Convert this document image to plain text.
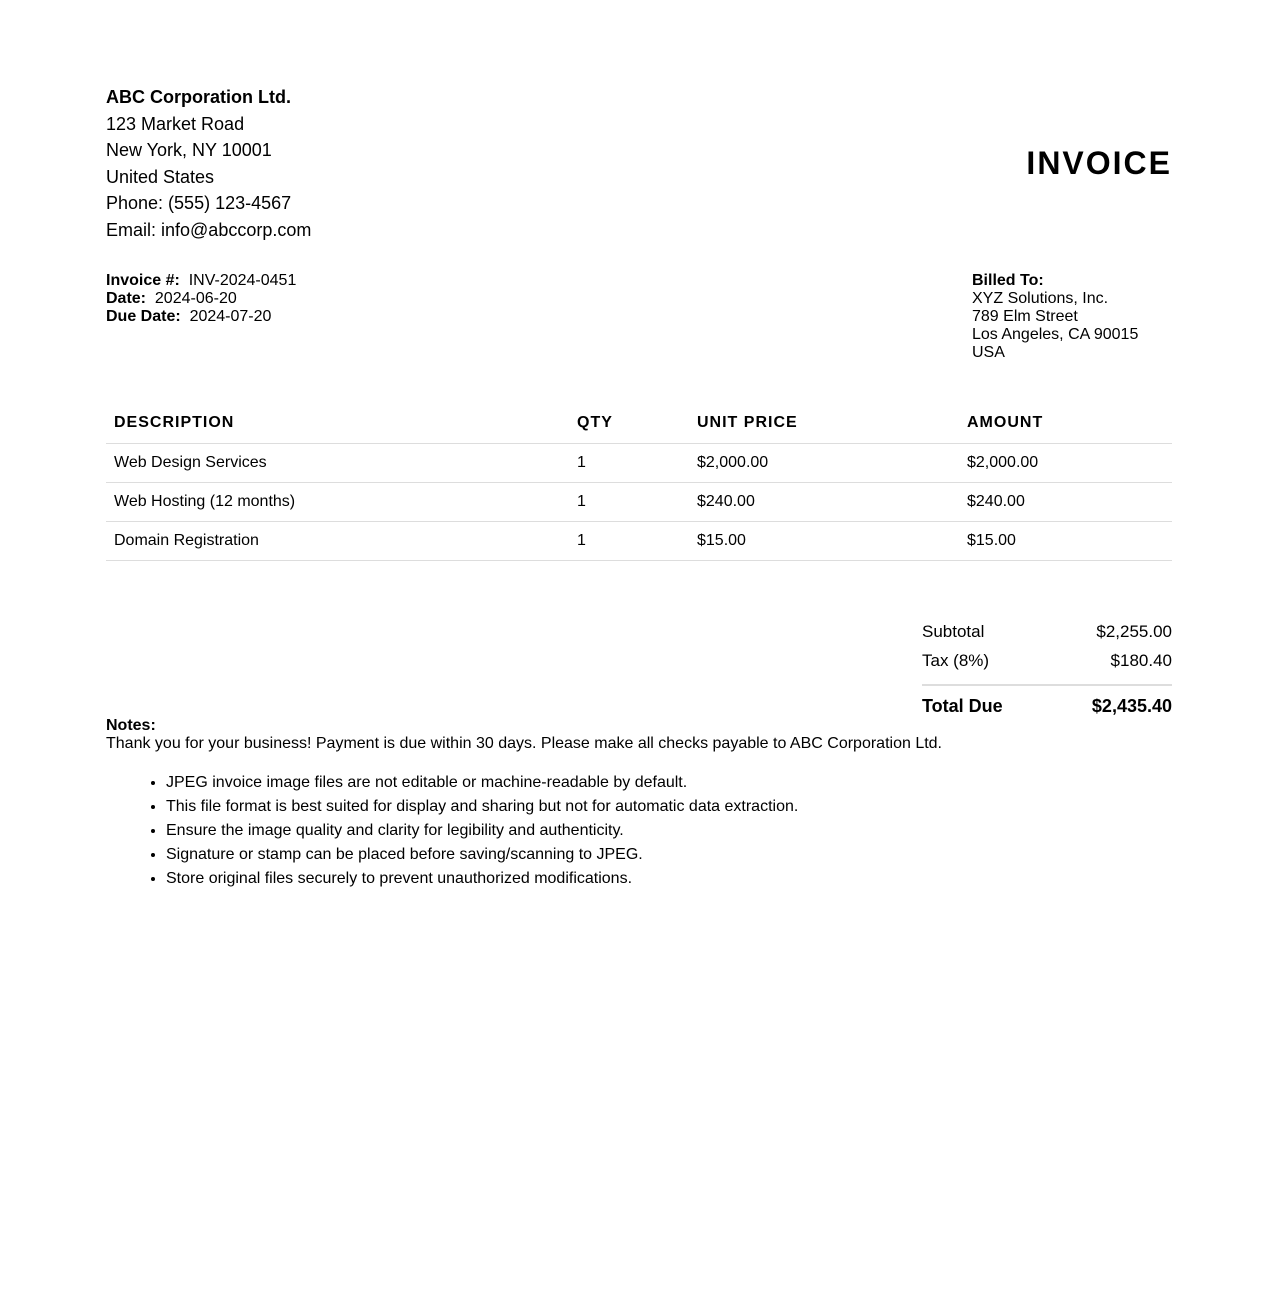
ABC Corporation Ltd.
123 Market Road
New York, NY 10001
United States
Phone: (555) 123-4567
Email: info@abccorp.com
INVOICE
Invoice #: INV-2024-0451
Date: 2024-06-20
Due Date: 2024-07-20
Billed To:
XYZ Solutions, Inc.
789 Elm Street
Los Angeles, CA 90015
USA
DESCRIPTION	QTY	UNIT PRICE	AMOUNT
Web Design Services	1	$2,000.00	$2,000.00
Web Hosting (12 months)	1	$240.00	$240.00
Domain Registration	1	$15.00	$15.00
Subtotal	$2,255.00
Tax (8%)	$180.40
Total Due	$2,435.40
Notes:
Thank you for your business! Payment is due within 30 days. Please make all checks payable to ABC Corporation Ltd.
• JPEG invoice image files are not editable or machine-readable by default.
• This file format is best suited for display and sharing but not for automatic data extraction.
• Ensure the image quality and clarity for legibility and authenticity.
• Signature or stamp can be placed before saving/scanning to JPEG.
• Store original files securely to prevent unauthorized modifications.
